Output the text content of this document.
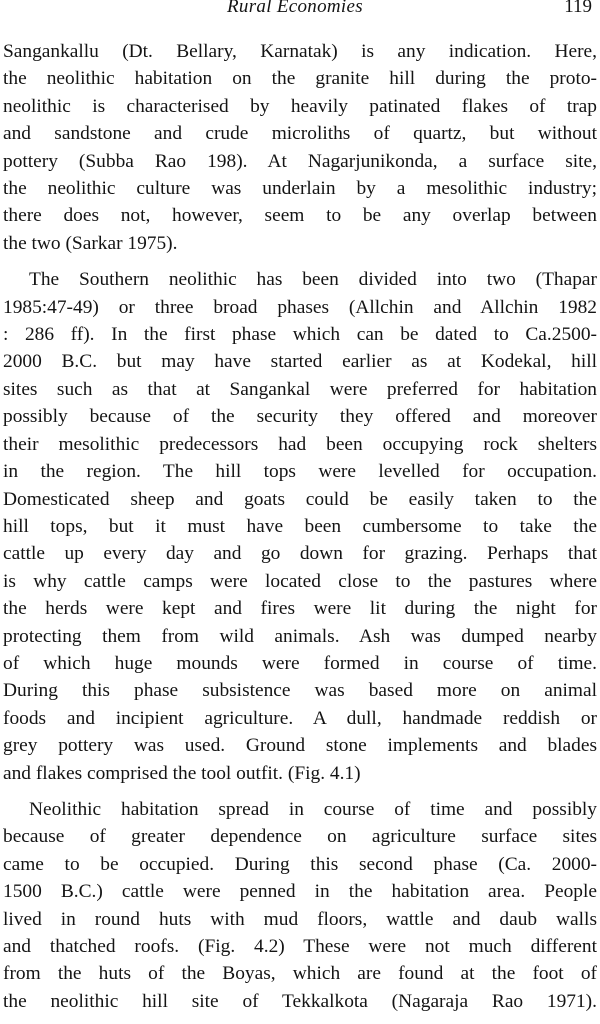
Rural Economies	119

Sangankallu (Dt. Bellary, Karnatak) is any indication. Here,
the neolithic habitation on the granite hill during the proto-
neolithic is characterised by heavily patinated flakes of trap
and sandstone and crude microliths of quartz, but without
pottery (Subba Rao 198). At Nagarjunikonda, a surface site,
the neolithic culture was underlain by a mesolithic industry;
there does not, however, seem to be any overlap between
the two (Sarkar 1975).

The Southern neolithic has been divided into two (Thapar
1985:47-49) or three broad phases (Allchin and Allchin 1982
: 286 ff). In the first phase which can be dated to Ca.2500-
2000 B.C. but may have started earlier as at Kodekal, hill
sites such as that at Sangankal were preferred for habitation
possibly because of the security they offered and moreover
their mesolithic predecessors had been occupying rock shelters
in the region. The hill tops were levelled for occupation.
Domesticated sheep and goats could be easily taken to the
hill tops, but it must have been cumbersome to take the
cattle up every day and go down for grazing. Perhaps that
is why cattle camps were located close to the pastures where
the herds were kept and fires were lit during the night for
protecting them from wild animals. Ash was dumped nearby
of which huge mounds were formed in course of time.
During this phase subsistence was based more on animal
foods and incipient agriculture. A dull, handmade reddish or
grey pottery was used. Ground stone implements and blades
and flakes comprised the tool outfit. (Fig. 4.1)

Neolithic habitation spread in course of time and possibly
because of greater dependence on agriculture surface sites
came to be occupied. During this second phase (Ca. 2000-
1500 B.C.) cattle were penned in the habitation area. People
lived in round huts with mud floors, wattle and daub walls
and thatched roofs. (Fig. 4.2) These were not much different
from the huts of the Boyas, which are found at the foot of
the neolithic hill site of Tekkalkota (Nagaraja Rao 1971).
